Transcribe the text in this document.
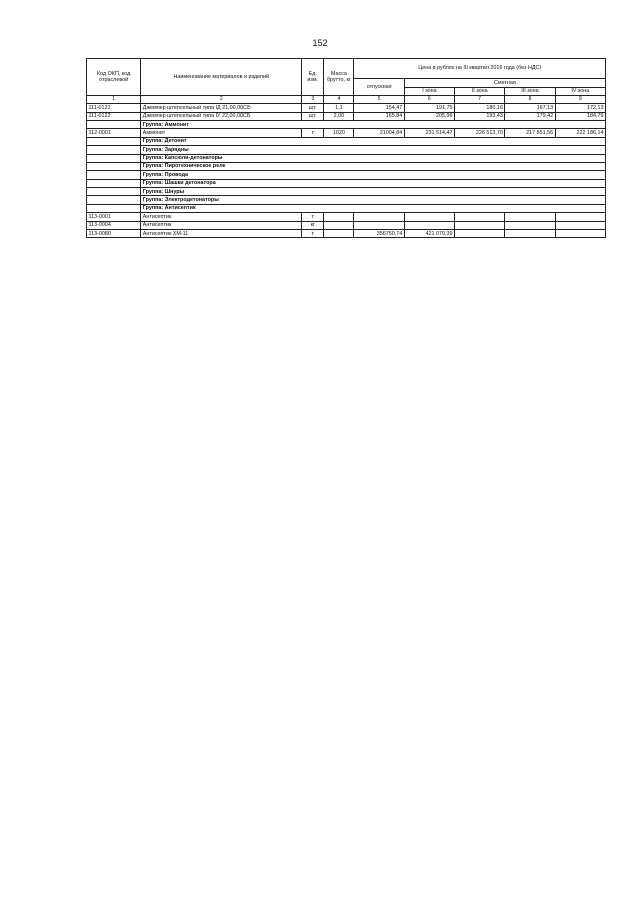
152
Код ОКП, код отраслевой	Наименование материалов и изделий	Ед. изм.	Масса брутто, кг	Цена в рублях на III квартал 2016 года (без НДС)				
				отпускная	Сметная			
					I зона	II зона	III зона	IV зона
1	2	3	4	5	6	7	8	9
111-0121	Джемпер штепсельный типа ІД 21,00,00СБ	шт.	1,1	154,47	191,75	180,16	167,13	172,13
111-0122	Джемпер штепсельный типа ІУ 22,00,00СБ	шт.	2,00	165,84	205,96	193,43	179,42	184,79
	Группа: Аммонит							
112-0001	Аммонит	т	1020	21004,84	231 514,47	226 513,70	217 851,56	222 186,14
	Группа: Детонит							
	Группа: Зарядны							
	Группа: Капсюли-детонаторы							
	Группа: Пиротехническое реле							
	Группа: Провода							
	Группа: Шашки детонатора							
	Группа: Шнуры							
	Группа: Электродетонаторы							
	Группа: Антисептик							
113-0001	Антисептик	т						
113-0004	Антисептик	кг						
113-0080	Антисептик ХМ-11	т		356750,74	421 070,39			
